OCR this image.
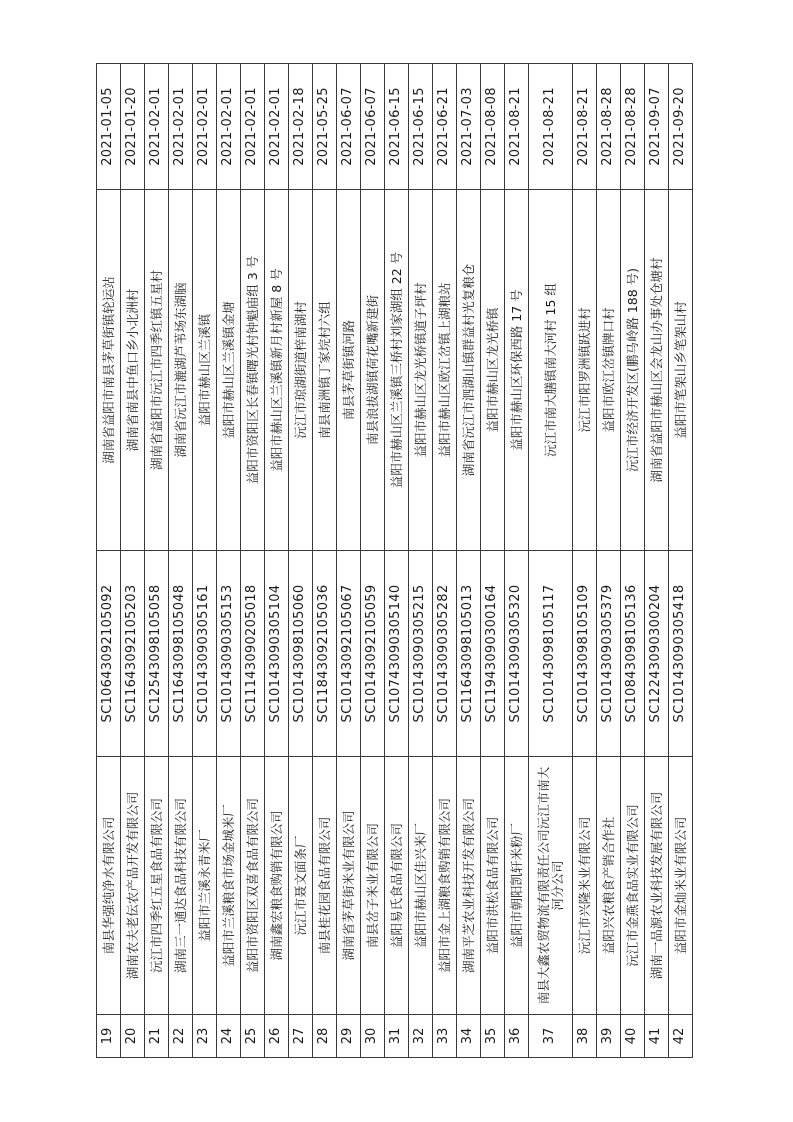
19	南县华强纯净水有限公司	SC10643092105092	湖南省益阳市南县茅草街镇轮运站	2021-01-05
20	湖南农夫老伝农产品开发有限公司	SC11643092105203	湖南省南县中鱼口乡小北洲村	2021-01-20
21	沅江市四季红五星食品有限公司	SC12543098105058	湖南省益阳市沅江市四季红镇五星村	2021-02-01
22	湖南三一通达食品科技有限公司	SC11643098105048	湖南省沅江市漉湖芦苇场东湖脑	2021-02-01
23	益阳市兰溪永青米厂	SC10143090305161	益阳市赫山区兰溪镇	2021-02-01
24	益阳市兰溪粮食市场金城米厂	SC10143090305153	益阳市赫山区兰溪镇金塘	2021-02-01
25	益阳市资阳区双喜食品有限公司	SC11143090205018	益阳市资阳区长春镇曙光村钟魁庙组 3 号	2021-02-01
26	湖南鑫宏粮食购销有限公司	SC10143090305104	益阳市赫山区兰溪镇新月村新屋 8 号	2021-02-01
27	沅江市聂文面条厂	SC10143098105060	沅江市琼湖街道梓南湖村	2021-02-18
28	南县桂花园食品有限公司	SC11843092105036	南县南洲镇丁家垸村六组	2021-05-25
29	湖南省茅草街米业有限公司	SC10143092105067	南县茅草街镇河路	2021-06-07
30	南县岔子米业有限公司	SC10143092105059	南县浪拔湖镇荷花嘴新建街	2021-06-07
31	益阳易氏食品有限公司	SC10743090305140	益阳市赫山区兰溪镇三桥村刘家湖组 22 号	2021-06-15
32	益阳市赫山区佳兴米厂	SC10143090305215	益阳市赫山区龙光桥镇道子坪村	2021-06-15
33	益阳市金上湖粮食购销有限公司	SC10143090305282	益阳市赫山区欧江岔镇上湖粮站	2021-06-21
34	湖南平芝农业科技开发有限公司	SC11643098105013	湖南省沅江市泗湖山镇群益村光复粮仓	2021-07-03
35	益阳市洪松食品有限公司	SC11943090300164	益阳市赫山区龙光桥镇	2021-08-08
36	益阳市朝阳凯轩米粉厂	SC10143090305320	益阳市赫山区环保西路 17 号	2021-08-21
37	南县大鑫农贸物流有限责任公司沅江市南大河分公司	SC10143098105117	沅江市南大膳镇南大河村 15 组	2021-08-21
38	沅江市兴隆米业有限公司	SC10143098105109	沅江市阳罗洲镇跃进村	2021-08-21
39	益阳兴农粮食产销合作社	SC10143090305379	益阳市欧江岔镇牌口村	2021-08-28
40	沅江市金燕食品实业有限公司	SC10843098105136	沅江市经济开发区(鹏马岭路 188 号)	2021-08-28
41	湖南一品源农业科技发展有限公司	SC12243090300204	湖南省益阳市赫山区会龙山办事处仓塘村	2021-09-07
42	益阳市金灿米业有限公司	SC10143090305418	益阳市笔架山乡笔架山村	2021-09-20
